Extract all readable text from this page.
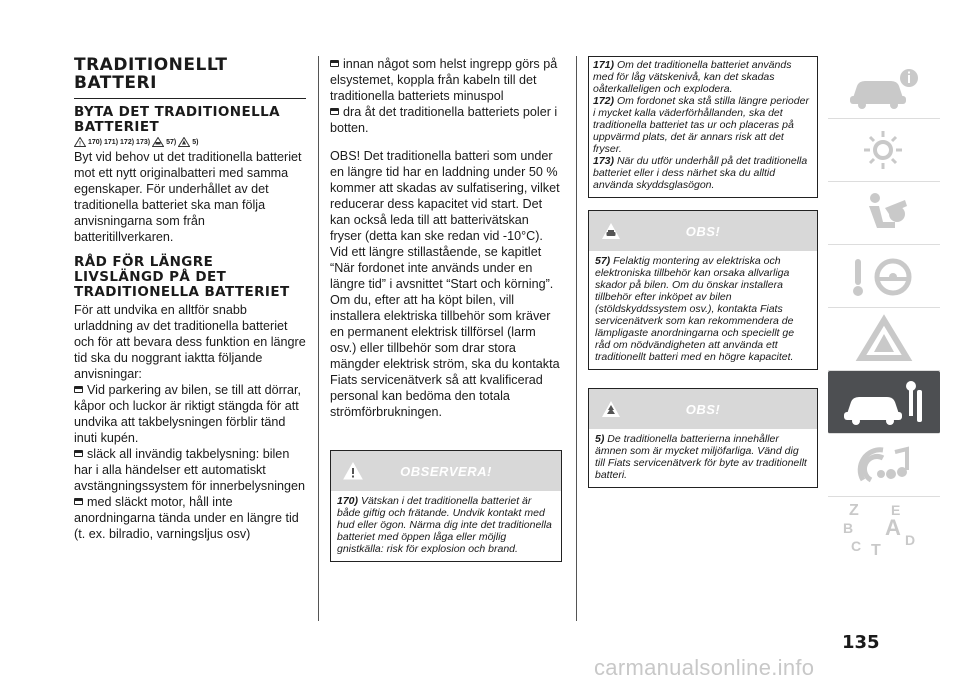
TRADITIONELLT BATTERI
BYTA DET TRADITIONELLA BATTERIET
! 170) 171) 172) 173) 57) 5)

Byt vid behov ut det traditionella batteriet mot ett nytt originalbatteri med samma egenskaper. För underhållet av det traditionella batteriet ska man följa anvisningarna som från batteritillverkaren.

RÅD FÖR LÄNGRE LIVSLÄNGD PÅ DET TRADITIONELLA BATTERIET

För att undvika en alltför snabb urladdning av det traditionella batteriet och för att bevara dess funktion en längre tid ska du noggrant iaktta följande anvisningar:

Vid parkering av bilen, se till att dörrar, kåpor och luckor är riktigt stängda för att undvika att takbelysningen förblir tänd inuti kupén.
släck all invändig takbelysning: bilen har i alla händelser ett automatiskt avstängningssystem för innerbelysningen
med släckt motor, håll inte anordningarna tända under en längre tid (t. ex. bilradio, varningsljus osv)
innan något som helst ingrepp görs på elsystemet, koppla från kabeln till det traditionella batteriets minuspol
dra åt det traditionella batteriets poler i botten.

OBS! Det traditionella batteri som under en längre tid har en laddning under 50 % kommer att skadas av sulfatisering, vilket reducerar dess kapacitet vid start. Det kan också leda till att batterivätskan fryser (detta kan ske redan vid -10°C). Vid ett längre stillastående, se kapitlet “När fordonet inte används under en längre tid” i avsnittet “Start och körning”. Om du, efter att ha köpt bilen, vill installera elektriska tillbehör som kräver en permanent elektrisk tillförsel (larm osv.) eller tillbehör som drar stora mängder elektrisk ström, ska du kontakta Fiats servicenätverk så att kvalificerad personal kan bedöma den totala strömförbrukningen.

OBSERVERA!
170) Vätskan i det traditionella batteriet är både giftig och frätande. Undvik kontakt med hud eller ögon. Närma dig inte det traditionella batteriet med öppen låga eller möjlig gnistkälla: risk för explosion och brand.
171) Om det traditionella batteriet används med för låg vätskenivå, kan det skadas oåterkalleligen och explodera.
172) Om fordonet ska stå stilla längre perioder i mycket kalla väderförhållanden, ska det traditionella batteriet tas ur och placeras på uppvärmd plats, det är annars risk att det fryser.
173) När du utför underhåll på det traditionella batteriet eller i dess närhet ska du alltid använda skyddsglasögon.
OBS!
57) Felaktig montering av elektriska och elektroniska tillbehör kan orsaka allvarliga skador på bilen. Om du önskar installera tillbehör efter inköpet av bilen (stöldskyddssystem osv.), kontakta Fiats servicenätverk som kan rekommendera de lämpligaste anordningarna och speciellt ge råd om nödvändigheten att använda ett traditionellt batteri med en högre kapacitet.
OBS!
5) De traditionella batterierna innehåller ämnen som är mycket miljöfarliga. Vänd dig till Fiats servicenätverk för byte av traditionellt batteri.
Z E
B A
C	D
T
135
carmanualsonline.info
